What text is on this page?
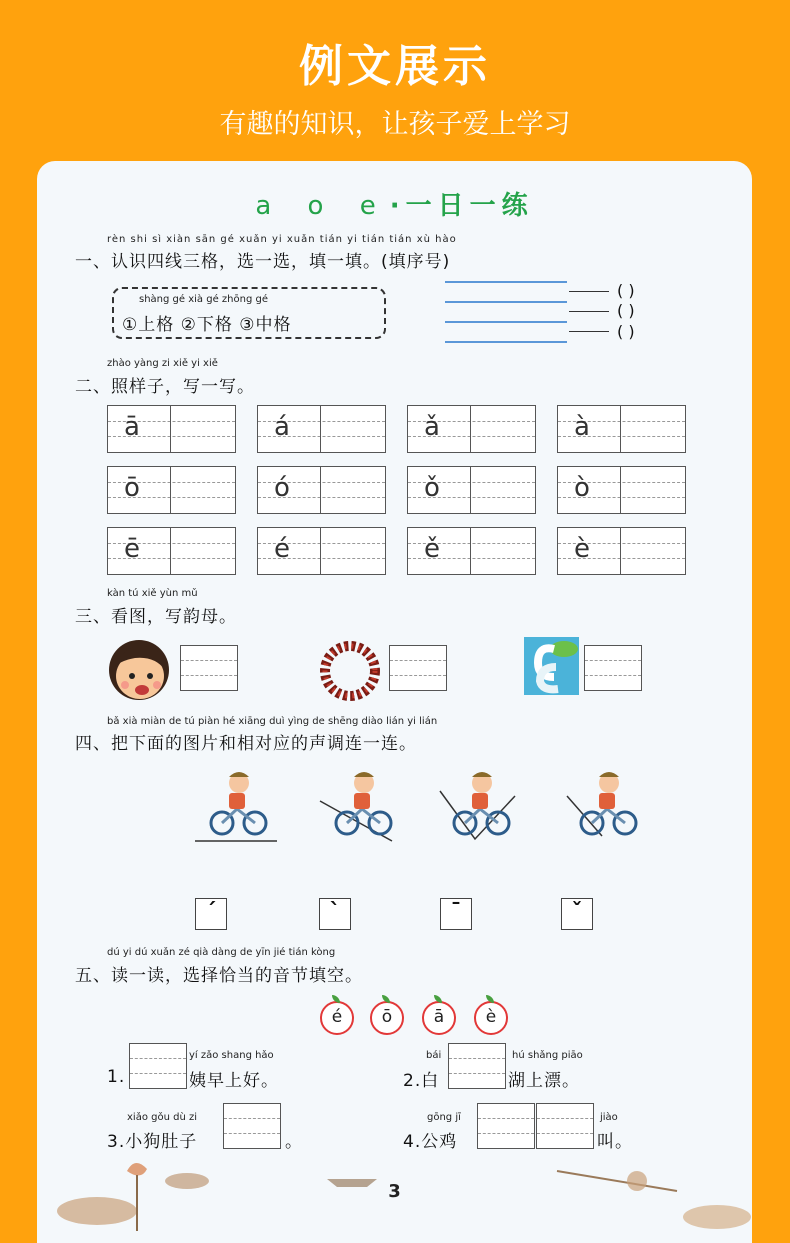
例文展示
有趣的知识，让孩子爱上学习
a o e·一日一练
rèn shi sì xiàn sān gé xuǎn yi xuǎn tián yi tián tián xù hào
一、认识四线三格，选一选，填一填。(填序号)
shàng gé xià gé zhōng gé
①上格 ②下格 ③中格
( )
( )
( )
zhào yàng zi xiě yi xiě
二、照样子，写一写。
ā	á	ǎ	à
ō	ó	ǒ	ò
ē	é	ě	è
kàn tú xiě yùn mǔ
三、看图，写韵母。
bǎ xià miàn de tú piàn hé xiāng duì yìng de shēng diào lián yi lián
四、把下面的图片和相对应的声调连一连。
ˊ	ˋ	ˉ	ˇ
dú yi dú xuǎn zé qià dàng de yīn jié tián kòng
五、读一读，选择恰当的音节填空。
é	ō	ā	è
1.
yí zǎo shang hǎo
姨早上好。
bái
2.白
hú shǎng piāo
湖上漂。
xiǎo gǒu dù zi
3.小狗肚子	。
gōng jī
4.公鸡
jiào
叫。
3
